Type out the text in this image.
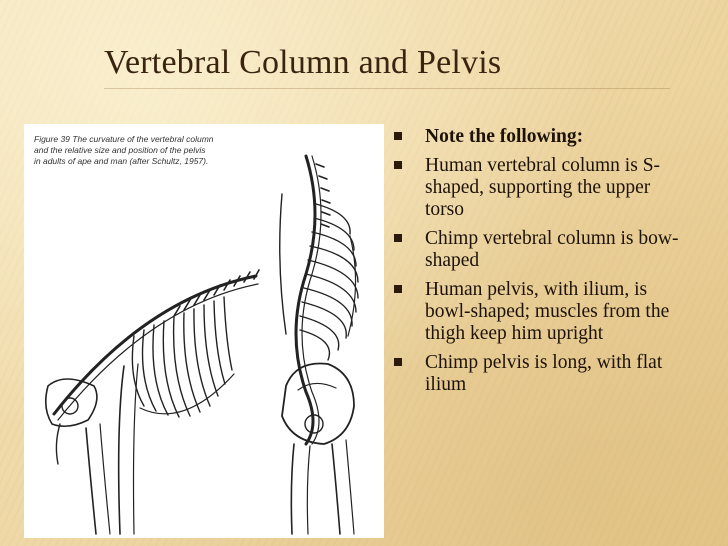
Vertebral Column and Pelvis
Figure 39 The curvature of the vertebral column and the relative size and position of the pelvis in adults of ape and man (after Schultz, 1957).
Note the following:
Human vertebral column is S-shaped, supporting the upper torso
Chimp vertebral column is bow-shaped
Human pelvis, with ilium, is bowl-shaped; muscles from the thigh keep him upright
Chimp pelvis is long, with flat ilium
